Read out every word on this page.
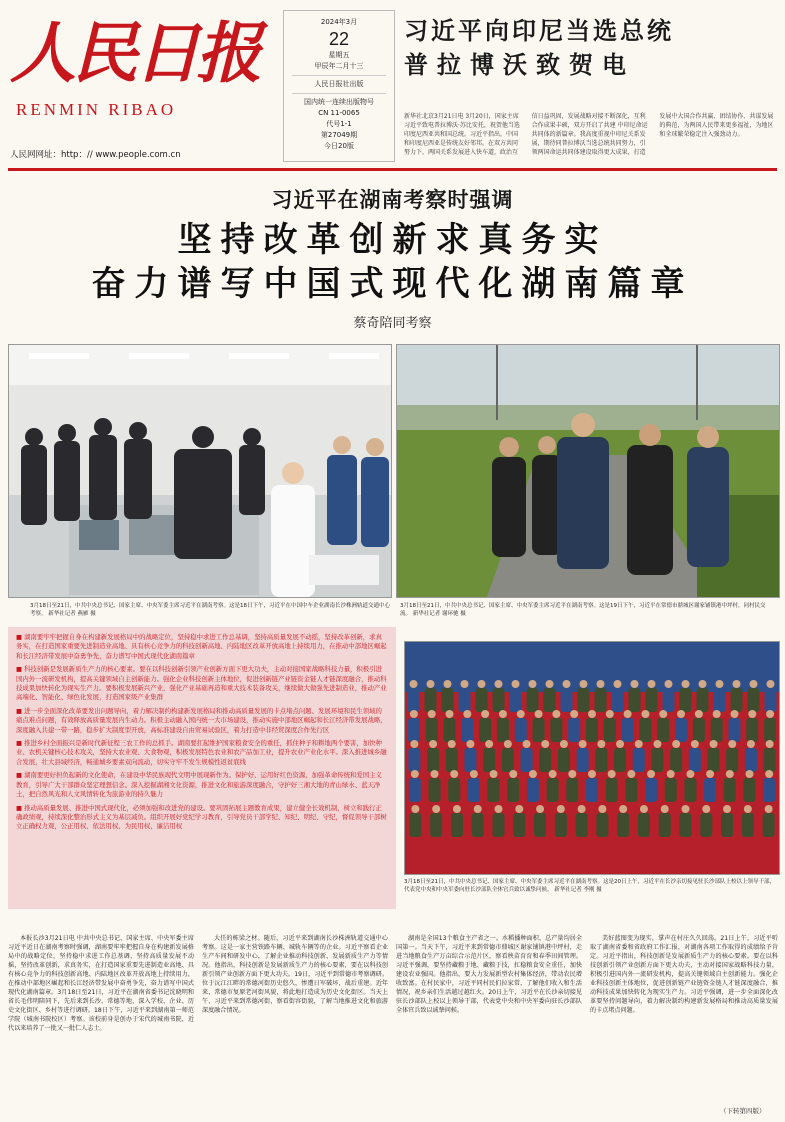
人民日报
RENMIN RIBAO
人民网网址：http：// www.people.com.cn
2024年3月
22
星期五
甲辰年二月十三
人民日报社出版
国内统一连续出版物号
CN 11-0065
代号1-1
第27049期
今日20版
习近平向印尼当选总统
普拉博沃致贺电
新华社北京3月21日电 3月20日，国家主席习近平致电普拉博沃·苏比安托，祝贺他当选印度尼西亚共和国总统。习近平指出，中国和印度尼西亚是传统友好邻邦。在双方共同努力下，两国关系发展进入快车道，政治互信日益巩固，发展战略对接不断深化，互利合作成果丰硕，双方开启了共建 中印尼命运共同体的新篇章。我高度重视中印尼关系发展，期待同普拉博沃当选总统共同努力，引领两国命运共同体建设取得更大成果，打造发展中大国合作共赢、团结协作、共谋发展的典范，为两国人民带来更多福祉，为地区和全球繁荣稳定注入强劲动力。
习近平在湖南考察时强调
坚持改革创新求真务实
奋力谱写中国式现代化湖南篇章
蔡奇陪同考察
3月18日至21日，中共中央总书记、国家主席、中央军委主席习近平在湖南考察。这是18日下午，习近平在中国中车企业湖南长沙株洲轨道交通中心考察。 新华社记者 燕雁 摄
3月18日至21日，中共中央总书记、国家主席、中央军委主席习近平在湖南考察。这是19日下午，习近平在常德市鼎城区谢家铺镇港中坪村，同村民交流。 新华社记者 谢环驰 摄

■ 湖南要牢牢把握自身在构建新发展格局中的战略定位，坚持稳中求进工作总基调，坚持高质量发展不动摇，坚持改革创新，求真务实，在打造国家重要先进制造业高地、具有核心竞争力的科技创新高地、内陆地区改革开放高地上持续用力，在推动中部地区崛起和长江经济带发展中奋勇争先，奋力谱写中国式现代化湖南篇章

■ 科技创新是发展新质生产力的核心要素。要在以科技创新引领产业创新方面下更大功夫，主动对接国家战略科技力量，积极引进国内外一流研发机构，提高关键领域自主创新能力。强化企业科技创新主体地位，促进创新链产业链资金链人才链深度融合，推动科技成果加快转化为现实生产力。要积极发展新兴产业，强化产业基础再造和重大技术装备攻关，继续做大做强先进制造业，推动产业高端化、智能化、绿色化发展，打造国家级产业集群

■ 进一步全面深化改革要发出问题导向，着力解决制约构建新发展格局和推动高质量发展的卡点堵点问题、发展环境和民生领域的痛点难点问题，有效释放高质量发展内生动力。积极主动融入国内统一大市场建设，推动实施中部地区崛起和长江经济带发展战略，深度融入共建一带一路，稳步扩大制度型开放，高标准建设自由贸易试验区，着力打造中非经贸深度合作先行区

■ 推进乡村全面振兴是新时代新征程三农工作的总抓手。湖南要扛起维护国家粮食安全的重任，抓住种子和耕地两个要害，加快种业、农机关键核心技术攻关，坚持大农业观、大食物观，积极发展特色农业和农产品加工业，提升农业产业化水平。深入推进城乡融合发展，壮大县域经济，畅通城乡要素双向流动，切实守牢不发生规模性返贫底线

■ 湖南要更好担负起新的文化使命，在建设中华民族现代文明中展现新作为。保护好、运用好红色资源，加强革命传统和爱国主义教育，引导广大干部群众坚定理想信念。深入挖掘湖湘文化资源，推进文化和旅游深度融合，守护好三湘大地的青山绿水、蓝天净土，把自然风光和人文风情转化为旅游业的持久魅力

■ 推动高质量发展、推进中国式现代化，必须加强和改进党的建设。要巩固拓展主题教育成果，建立健全长效机制，树立和践行正确政绩观，持续深化整治形式主义为基层减负。组织开展好党纪学习教育，引导党员干部学纪、知纪、明纪、守纪，督促领导干部树立正确权力观，公正用权、依法用权、为民用权、廉洁用权

3月18日至21日，中共中央总书记、国家主席、中央军委主席习近平在湖南考察。这是20日上午，习近平在长沙亲切接见驻长沙部队上校以上领导干部，代表党中央和中央军委向驻长沙部队全体官兵致以诚挚问候。 新华社记者 李刚 摄

本报长沙3月21日电 中共中央总书记、国家主席、中央军委主席习近平近日在湖南考察时强调，湖南要牢牢把握自身在构建新发展格局中的战略定位，坚持稳中求进工作总基调，坚持高质量发展不动摇，坚持改革创新，求真务实，在打造国家重要先进制造业高地、具有核心竞争力的科技创新高地、内陆地区改革开放高地上持续用力，在推动中部地区崛起和长江经济带发展中奋勇争先，奋力谱写中国式现代化湖南篇章。3月18日至21日，习近平在湖南省委书记沈晓明和省长毛伟明陪同下，先后来到长沙、常德等地，深入学校、企业、历史文化街区、乡村等进行调研。18日下午，习近平来到湖南第一师范学院（城南书院校区）考察。该校前身是创办于宋代的城南书院，近代以来培养了一批又一批仁人志士。

大任的栋梁之材。随后，习近平来到湖南长沙株洲轨道交通中心考察。这是一家主营铁路车辆、城轨车辆等的企业。习近平察看企业生产车间和研发中心，了解企业推动科技创新、发展新质生产力等情况。他指出，科技创新是发展新质生产力的核心要素，要在以科技创新引领产业创新方面下更大功夫。19日，习近平到常德市考察调研。位于沅江江畔的常德河街历史悠久，惨遭日军破坏，战后重建。近年来，常德市复原老河街风貌，将此地打造成为历史文化街区。当天上午，习近平来到常德河街，察看街容街貌，了解当地推进文化和旅游深度融合情况。

湖南是全国13个粮食主产省之一。水稻播种面积、总产量均居全国第一。当天下午，习近平来到常德市鼎城区谢家铺镇港中坪村，走进当地粮食生产万亩综合示范片区，察看秧苗育育和春季田间管理。习近平强调，要坚持藏粮于地、藏粮于技，扛稳粮食安全重任，加快建设农业强国。他指出，要大力发展新型农村集体经济，带动农民增收致富。在村民家中，习近平同村民们拉家常，了解他们收入和生活情况，祝乡亲们生活越过越红火。20日上午，习近平在长沙亲切接见驻长沙部队上校以上领导干部，代表党中央和中央军委向驻长沙部队全体官兵致以诚挚问候。

美好蓝图变为现实，掌声在村庄久久回荡。21日上午，习近平听取了湖南省委和省政府工作汇报，对湖南各项工作取得的成绩给予肯定。习近平指出，科技创新是发展新质生产力的核心要素。要在以科技创新引领产业创新方面下更大功夫，主动对接国家战略科技力量，积极引进国内外一流研发机构，提高关键领域自主创新能力。强化企业科技创新主体地位，促进创新链产业链资金链人才链深度融合，推动科技成果加快转化为现实生产力。习近平强调，进一步全面深化改革要坚持问题导向，着力解决制约构建新发展格局和推动高质量发展的卡点堵点问题。

（下转第四版）
